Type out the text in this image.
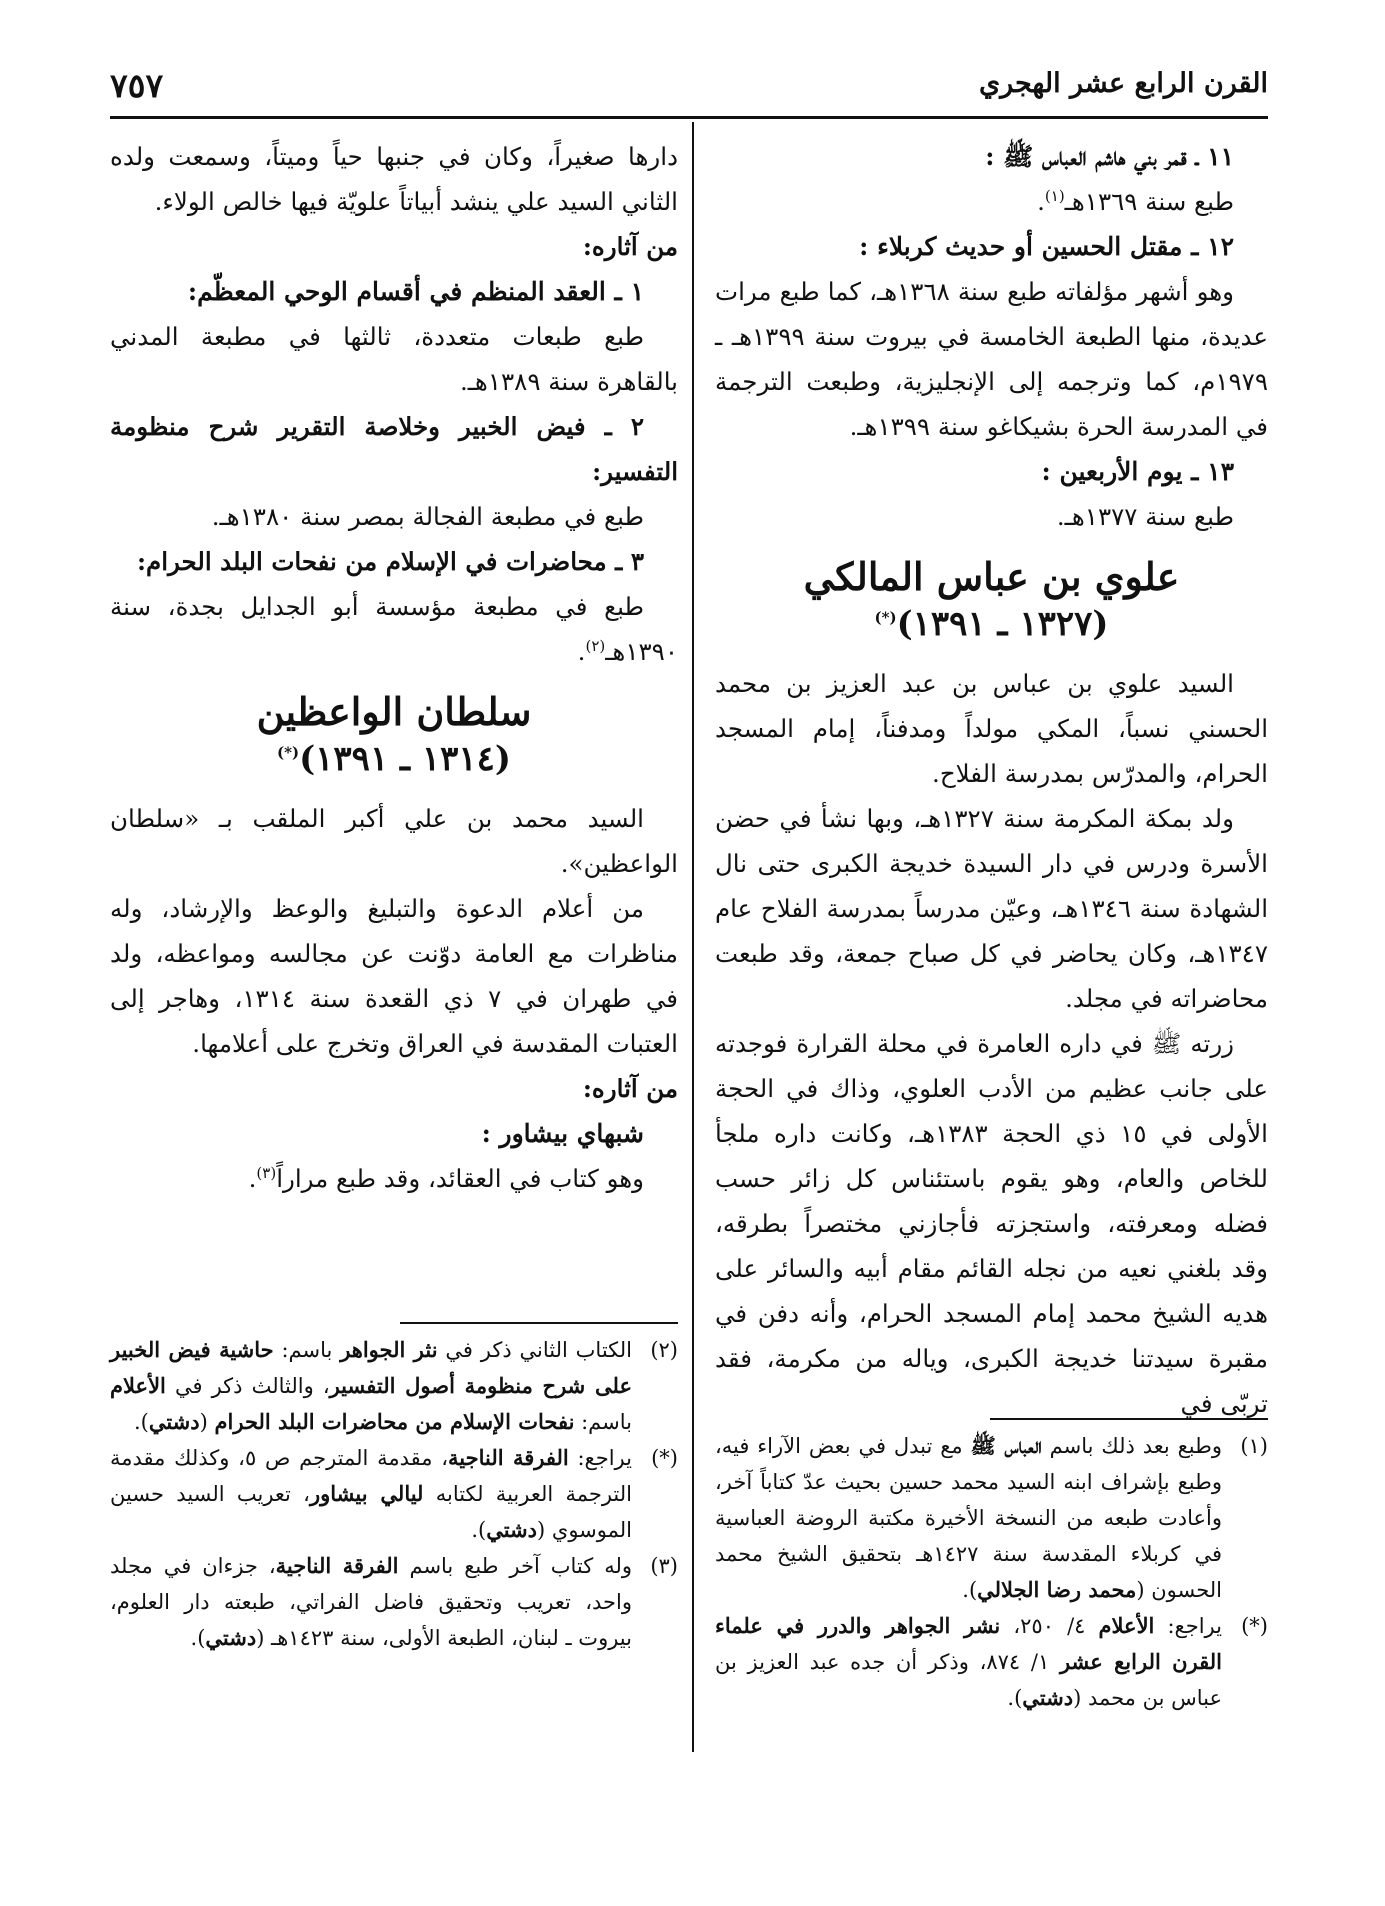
٧٥٧	القرن الرابع عشر الهجري

١١ ـ قمر بني هاشم العباس ﷺ :

طبع سنة ١٣٦٩هـ$^{(١)}$.

١٢ ـ مقتل الحسين أو حديث كربلاء :

وهو أشهر مؤلفاته طبع سنة ١٣٦٨هـ، كما طبع مرات عديدة، منها الطبعة الخامسة في بيروت سنة ١٣٩٩هـ ـ ١٩٧٩م، كما وترجمه إلى الإنجليزية، وطبعت الترجمة في المدرسة الحرة بشيكاغو سنة ١٣٩٩هـ.

١٣ ـ يوم الأربعين :

طبع سنة ١٣٧٧هـ.

علوي بن عباس المالكي
(١٣٢٧ ـ ١٣٩١)(*)

السيد علوي بن عباس بن عبد العزيز بن محمد الحسني نسباً، المكي مولداً ومدفناً، إمام المسجد الحرام، والمدرّس بمدرسة الفلاح.

ولد بمكة المكرمة سنة ١٣٢٧هـ، وبها نشأ في حضن الأسرة ودرس في دار السيدة خديجة الكبرى حتى نال الشهادة سنة ١٣٤٦هـ، وعيّن مدرساً بمدرسة الفلاح عام ١٣٤٧هـ، وكان يحاضر في كل صباح جمعة، وقد طبعت محاضراته في مجلد.

زرته ﷺ في داره العامرة في محلة القرارة فوجدته على جانب عظيم من الأدب العلوي، وذاك في الحجة الأولى في ١٥ ذي الحجة ١٣٨٣هـ، وكانت داره ملجأ للخاص والعام، وهو يقوم باستئناس كل زائر حسب فضله ومعرفته، واستجزته فأجازني مختصراً بطرقه، وقد بلغني نعيه من نجله القائم مقام أبيه والسائر على هديه الشيخ محمد إمام المسجد الحرام، وأنه دفن في مقبرة سيدتنا خديجة الكبرى، وياله من مكرمة، فقد تربّى في

دارها صغيراً، وكان في جنبها حياً وميتاً، وسمعت ولده الثاني السيد علي ينشد أبياتاً علويّة فيها خالص الولاء.

من آثاره:

١ ـ العقد المنظم في أقسام الوحي المعظّم:

طبع طبعات متعددة، ثالثها في مطبعة المدني بالقاهرة سنة ١٣٨٩هـ.

٢ ـ فيض الخبير وخلاصة التقرير شرح منظومة التفسير:

طبع في مطبعة الفجالة بمصر سنة ١٣٨٠هـ.

٣ ـ محاضرات في الإسلام من نفحات البلد الحرام:

طبع في مطبعة مؤسسة أبو الجدايل بجدة، سنة ١٣٩٠هـ$^{(٢)}$.

سلطان الواعظين
(١٣١٤ ـ ١٣٩١)(*)

السيد محمد بن علي أكبر الملقب بـ «سلطان الواعظين».

من أعلام الدعوة والتبليغ والوعظ والإرشاد، وله مناظرات مع العامة دوّنت عن مجالسه ومواعظه، ولد في طهران في ٧ ذي القعدة سنة ١٣١٤، وهاجر إلى العتبات المقدسة في العراق وتخرج على أعلامها.

من آثاره:

شبهاي بيشاور :

وهو كتاب في العقائد، وقد طبع مراراً$^{(٣)}$.

(١)
وطبع بعد ذلك باسم العباس ﷺ مع تبدل في بعض الآراء فيه، وطبع بإشراف ابنه السيد محمد حسين بحيث عدّ كتاباً آخر، وأعادت طبعه من النسخة الأخيرة مكتبة الروضة العباسية في كربلاء المقدسة سنة ١٤٢٧هـ بتحقيق الشيخ محمد الحسون (محمد رضا الجلالي).
(*)
يراجع: الأعلام ٤/ ٢٥٠، نشر الجواهر والدرر في علماء القرن الرابع عشر ١/ ٨٧٤، وذكر أن جده عبد العزيز بن عباس بن محمد (دشتي).
(٢)
الكتاب الثاني ذكر في نثر الجواهر باسم: حاشية فيض الخبير على شرح منظومة أصول التفسير، والثالث ذكر في الأعلام باسم: نفحات الإسلام من محاضرات البلد الحرام (دشتي).
(*)
يراجع: الفرقة الناجية، مقدمة المترجم ص ٥، وكذلك مقدمة الترجمة العربية لكتابه ليالي بيشاور، تعريب السيد حسين الموسوي (دشتي).
(٣)
وله كتاب آخر طبع باسم الفرقة الناجية، جزءان في مجلد واحد، تعريب وتحقيق فاضل الفراتي، طبعته دار العلوم، بيروت ـ لبنان، الطبعة الأولى، سنة ١٤٢٣هـ (دشتي).
